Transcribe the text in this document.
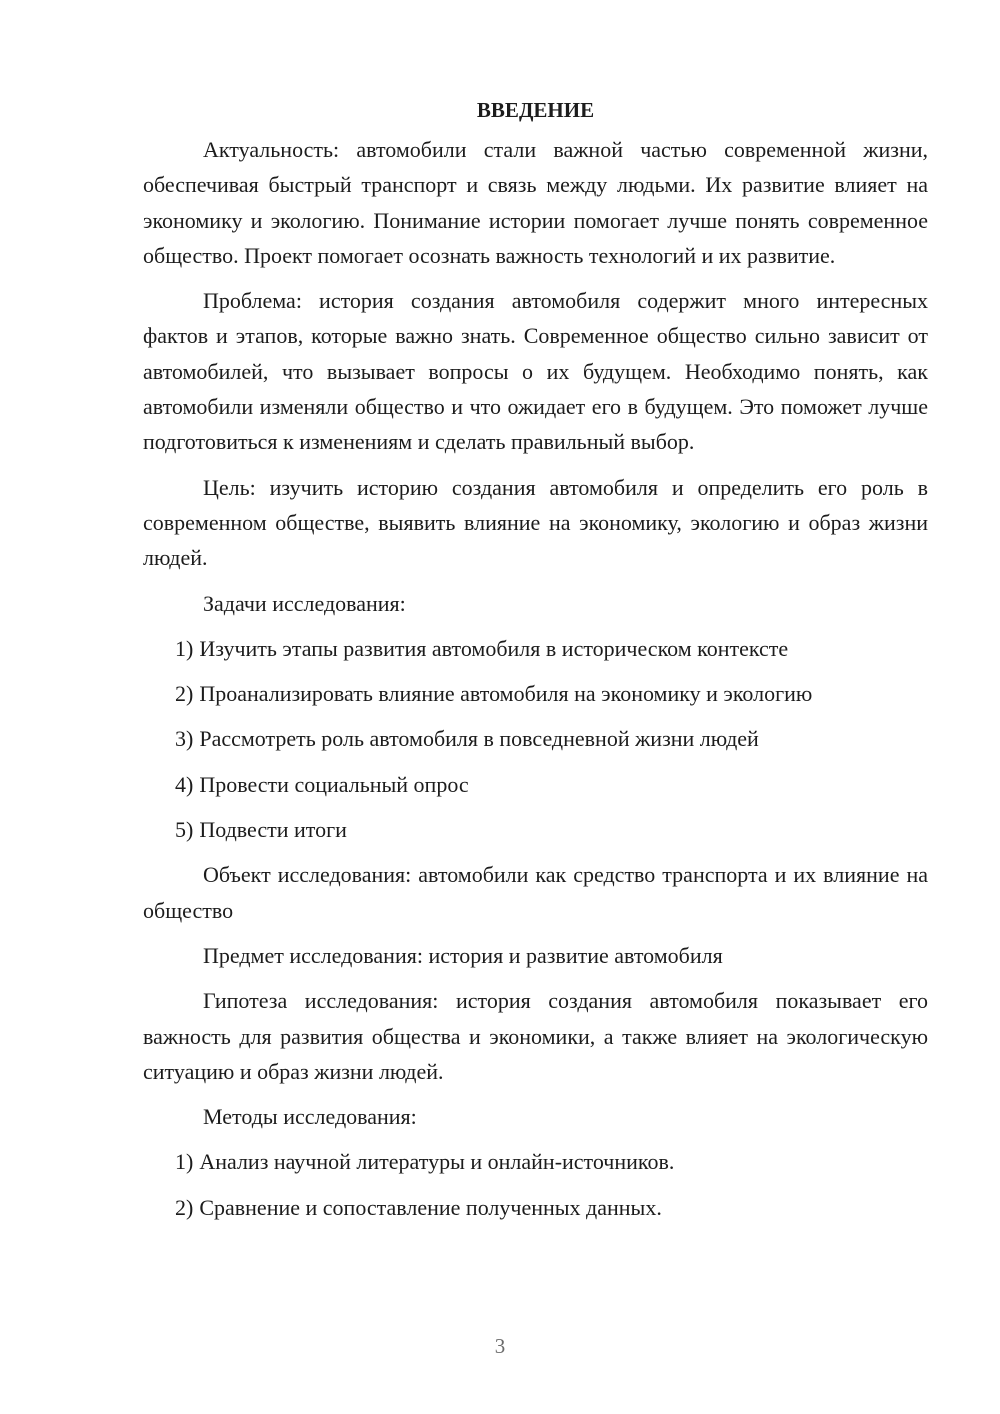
ВВЕДЕНИЕ

Актуальность: автомобили стали важной частью современной жизни, обеспечивая быстрый транспорт и связь между людьми. Их развитие влияет на экономику и экологию. Понимание истории помогает лучше понять современное общество. Проект помогает осознать важность технологий и их развитие.

Проблема: история создания автомобиля содержит много интересных фактов и этапов, которые важно знать. Современное общество сильно зависит от автомобилей, что вызывает вопросы о их будущем. Необходимо понять, как автомобили изменяли общество и что ожидает его в будущем. Это поможет лучше подготовиться к изменениям и сделать правильный выбор.

Цель: изучить историю создания автомобиля и определить его роль в современном обществе, выявить влияние на экономику, экологию и образ жизни людей.

Задачи исследования:

1) Изучить этапы развития автомобиля в историческом контексте
2) Проанализировать влияние автомобиля на экономику и экологию
3) Рассмотреть роль автомобиля в повседневной жизни людей
4) Провести социальный опрос
5) Подвести итоги

Объект исследования: автомобили как средство транспорта и их влияние на общество

Предмет исследования: история и развитие автомобиля

Гипотеза исследования: история создания автомобиля показывает его важность для развития общества и экономики, а также влияет на экологическую ситуацию и образ жизни людей.

Методы исследования:

1) Анализ научной литературы и онлайн-источников.
2) Сравнение и сопоставление полученных данных.
3
